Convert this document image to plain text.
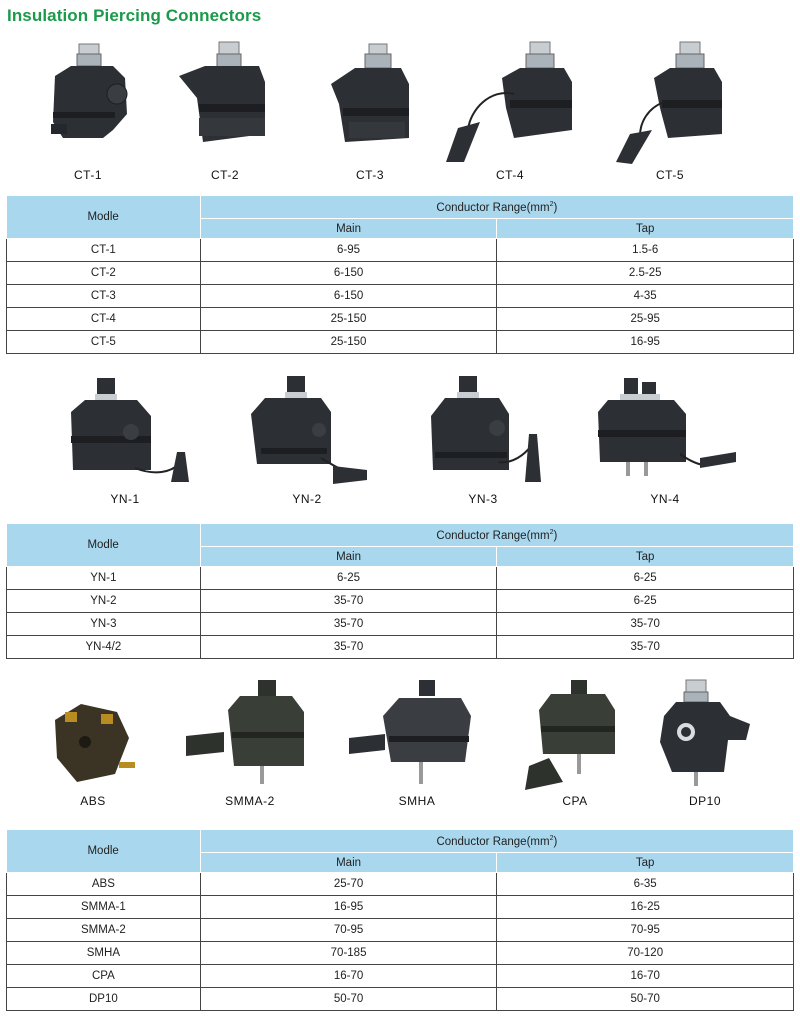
Insulation Piercing Connectors
CT-1	CT-2	CT-3	CT-4	CT-5
Modle	Conductor $Range(mm^2)$	
	Main	Tap
CT-1	6-95	1.5-6
CT-2	6-150	2.5-25
CT-3	6-150	4-35
CT-4	25-150	25-95
CT-5	25-150	16-95
YN-1	YN-2	YN-3	YN-4
Modle	Conductor $Range(mm^2)$	
	Main	Tap
YN-1	6-25	6-25
YN-2	35-70	6-25
YN-3	35-70	35-70
YN-4/2	35-70	35-70
ABS	SMMA-2	SMHA	CPA	DP10
Modle	Conductor $Range(mm^2)$	
	Main	Tap
ABS	25-70	6-35
SMMA-1	16-95	16-25
SMMA-2	70-95	70-95
SMHA	70-185	70-120
CPA	16-70	16-70
DP10	50-70	50-70
